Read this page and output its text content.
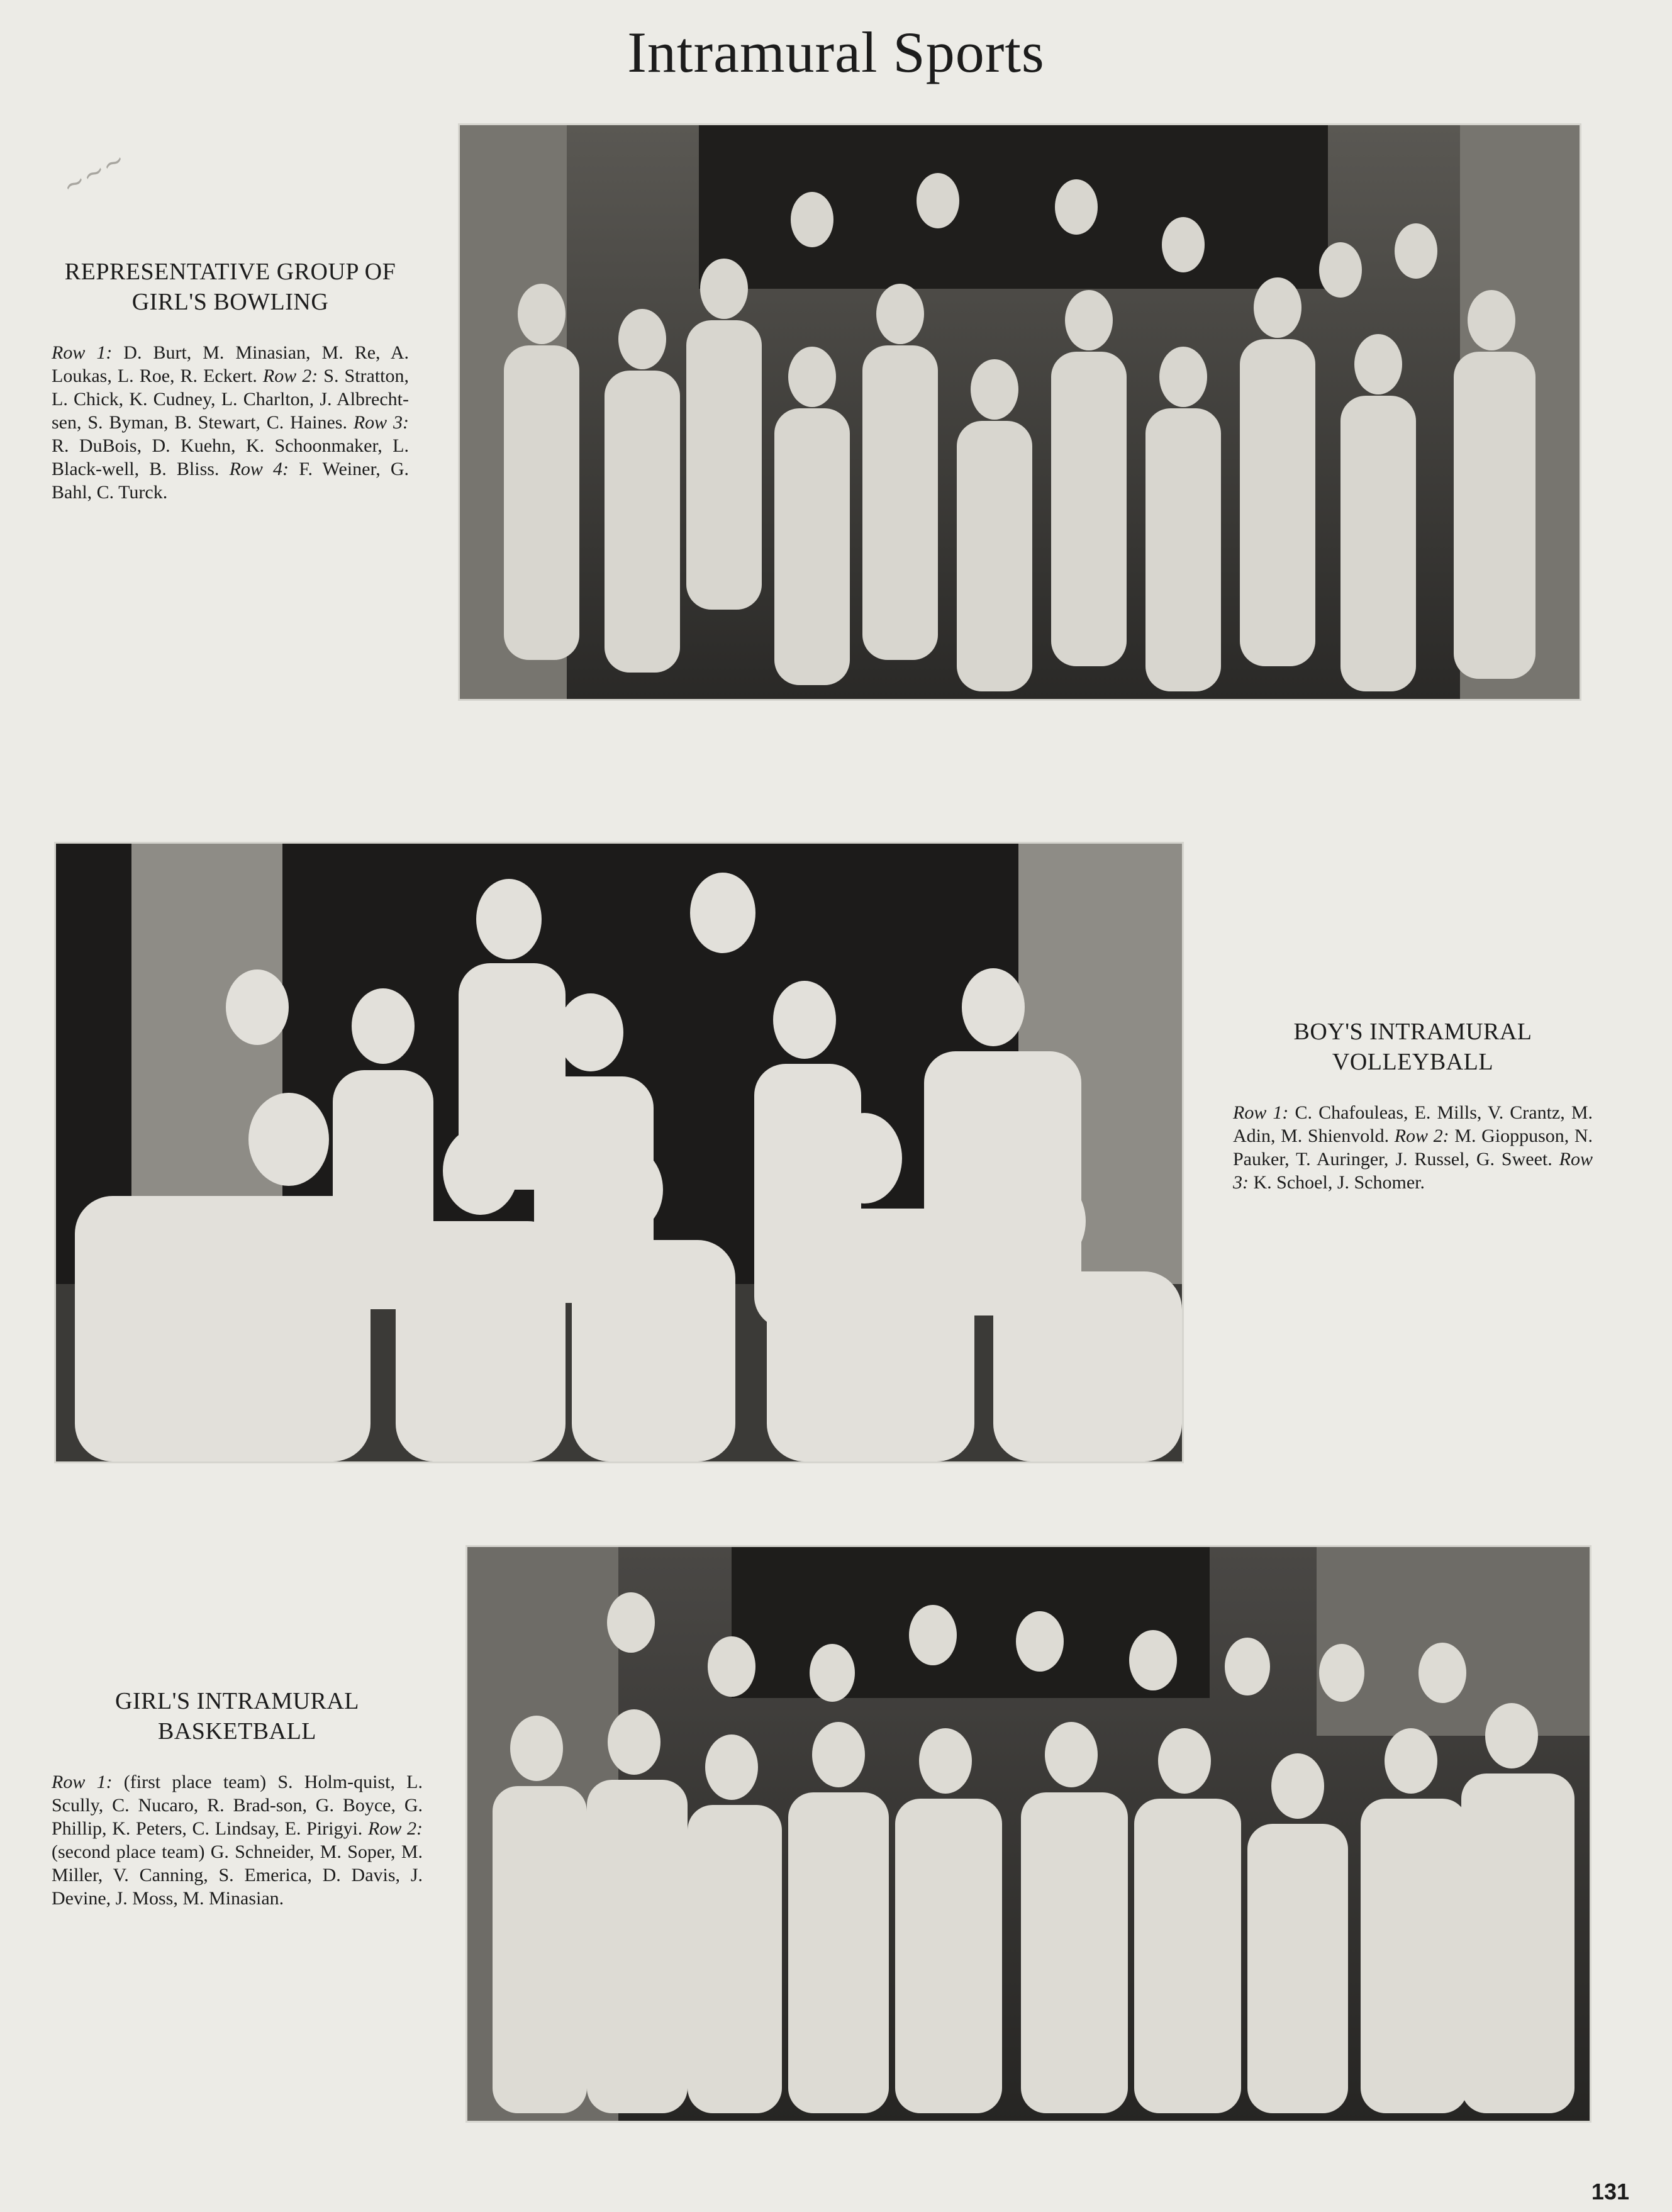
Intramural Sports
∼∼∼
REPRESENTATIVE GROUP OF GIRL'S BOWLING

Row 1: D. Burt, M. Minasian, M. Re, A. Loukas, L. Roe, R. Eckert. Row 2: S. Stratton, L. Chick, K. Cudney, L. Charlton, J. Albrecht-sen, S. Byman, B. Stewart, C. Haines. Row 3: R. DuBois, D. Kuehn, K. Schoonmaker, L. Black-well, B. Bliss. Row 4: F. Weiner, G. Bahl, C. Turck.

BOY'S INTRAMURAL VOLLEYBALL

Row 1: C. Chafouleas, E. Mills, V. Crantz, M. Adin, M. Shienvold. Row 2: M. Gioppuson, N. Pauker, T. Auringer, J. Russel, G. Sweet. Row 3: K. Schoel, J. Schomer.

GIRL'S INTRAMURAL BASKETBALL

Row 1: (first place team) S. Holm-quist, L. Scully, C. Nucaro, R. Brad-son, G. Boyce, G. Phillip, K. Peters, C. Lindsay, E. Pirigyi. Row 2: (second place team) G. Schneider, M. Soper, M. Miller, V. Canning, S. Emerica, D. Davis, J. Devine, J. Moss, M. Minasian.

131
